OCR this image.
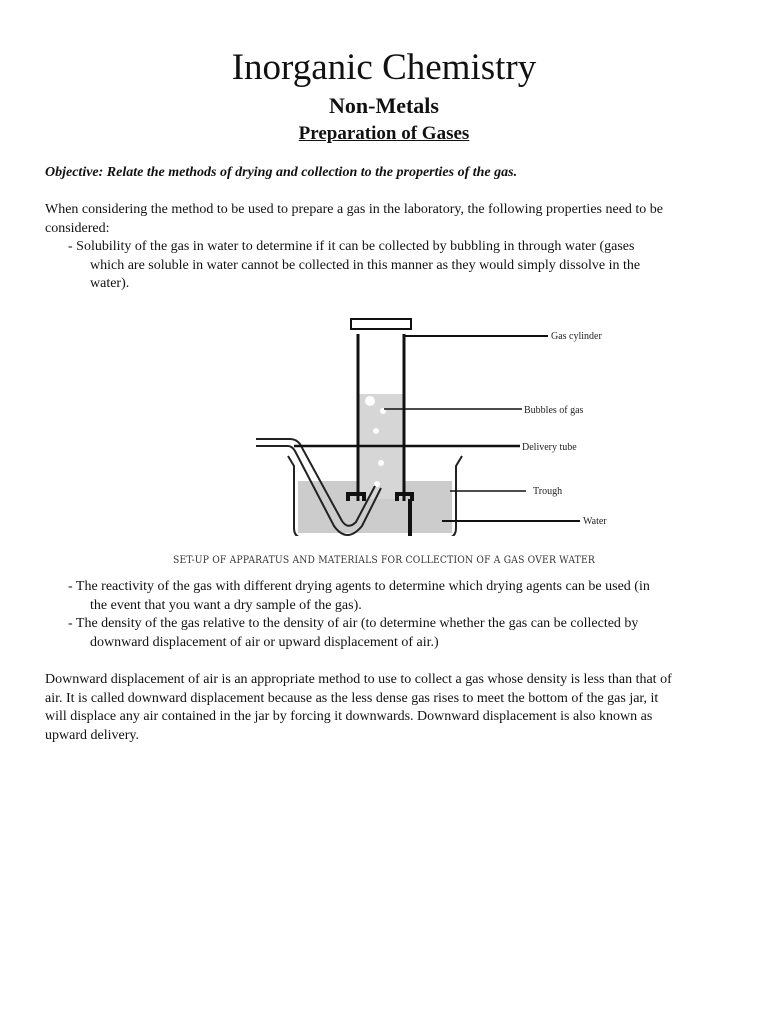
Inorganic Chemistry
Non-Metals
Preparation of Gases
Objective: Relate the methods of drying and collection to the properties of the gas.
When considering the method to be used to prepare a gas in the laboratory, the following properties need to be
considered:
- Solubility of the gas in water to determine if it can be collected by bubbling in through water (gases
which are soluble in water cannot be collected in this manner as they would simply dissolve in the
water).
Gas cylinder
Bubbles of gas
Delivery tube
Trough
Water
SET-UP OF APPARATUS AND MATERIALS FOR COLLECTION OF A GAS OVER WATER
- The reactivity of the gas with different drying agents to determine which drying agents can be used (in
the event that you want a dry sample of the gas).
- The density of the gas relative to the density of air (to determine whether the gas can be collected by
downward displacement of air or upward displacement of air.)
Downward displacement of air is an appropriate method to use to collect a gas whose density is less than that of
air. It is called downward displacement because as the less dense gas rises to meet the bottom of the gas jar, it
will displace any air contained in the jar by forcing it downwards. Downward displacement is also known as
upward delivery.
